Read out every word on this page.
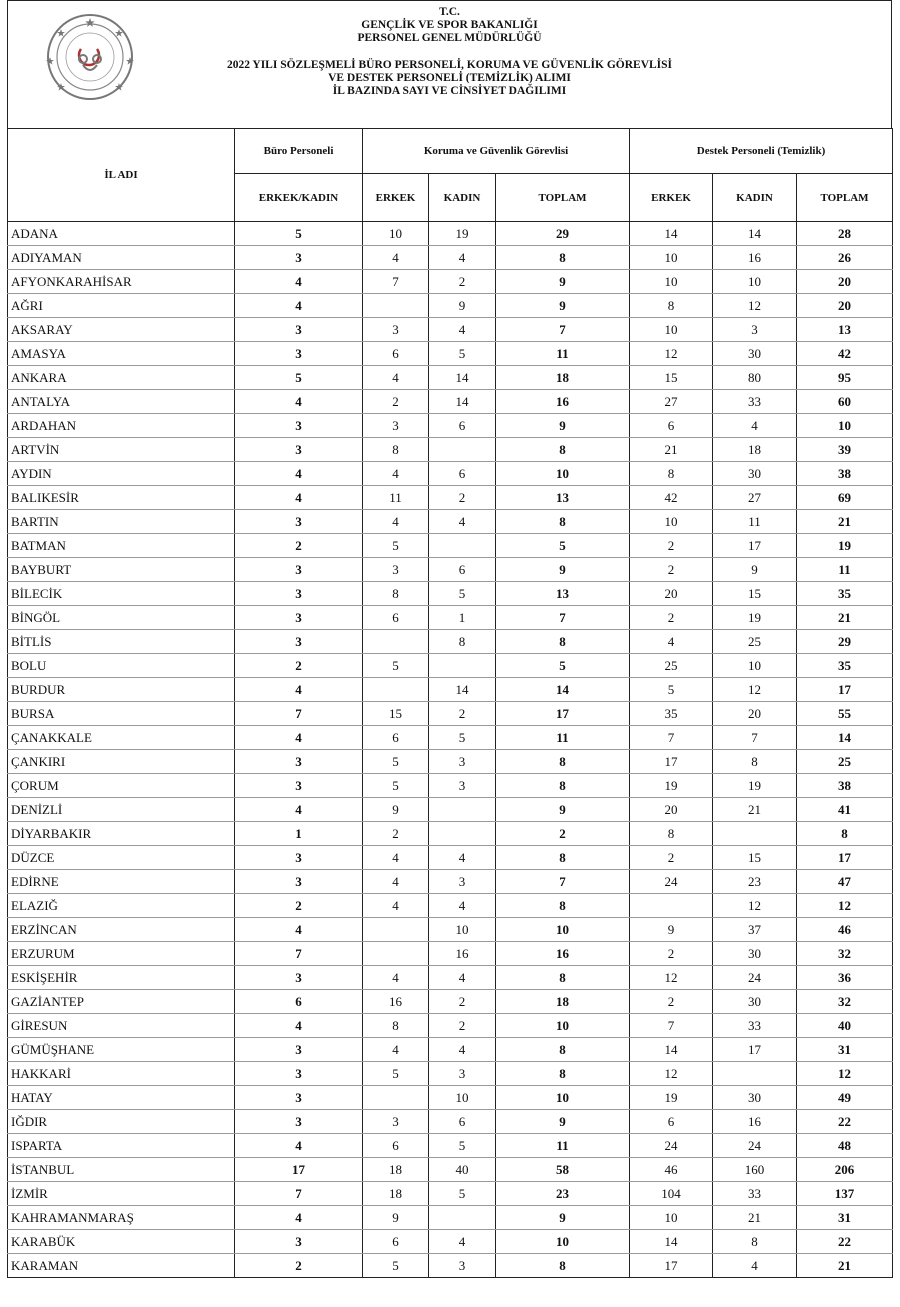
T.C.
GENÇLİK VE SPOR BAKANLIĞI
PERSONEL GENEL MÜDÜRLÜĞÜ
2022 YILI SÖZLEŞMELİ BÜRO PERSONELİ, KORUMA VE GÜVENLİK GÖREVLİSİ
VE DESTEK PERSONELİ (TEMİZLİK) ALIMI
İL BAZINDA SAYI VE CİNSİYET DAĞILIMI
İL ADI	Büro Personeli	Koruma ve Güvenlik Görevlisi			Destek Personeli (Temizlik)		
	ERKEK/KADIN	ERKEK	KADIN	TOPLAM	ERKEK	KADIN	TOPLAM
ADANA	5	10	19	29	14	14	28
ADIYAMAN	3	4	4	8	10	16	26
AFYONKARAHİSAR	4	7	2	9	10	10	20
AĞRI	4		9	9	8	12	20
AKSARAY	3	3	4	7	10	3	13
AMASYA	3	6	5	11	12	30	42
ANKARA	5	4	14	18	15	80	95
ANTALYA	4	2	14	16	27	33	60
ARDAHAN	3	3	6	9	6	4	10
ARTVİN	3	8		8	21	18	39
AYDIN	4	4	6	10	8	30	38
BALIKESİR	4	11	2	13	42	27	69
BARTIN	3	4	4	8	10	11	21
BATMAN	2	5		5	2	17	19
BAYBURT	3	3	6	9	2	9	11
BİLECİK	3	8	5	13	20	15	35
BİNGÖL	3	6	1	7	2	19	21
BİTLİS	3		8	8	4	25	29
BOLU	2	5		5	25	10	35
BURDUR	4		14	14	5	12	17
BURSA	7	15	2	17	35	20	55
ÇANAKKALE	4	6	5	11	7	7	14
ÇANKIRI	3	5	3	8	17	8	25
ÇORUM	3	5	3	8	19	19	38
DENİZLİ	4	9		9	20	21	41
DİYARBAKIR	1	2		2	8		8
DÜZCE	3	4	4	8	2	15	17
EDİRNE	3	4	3	7	24	23	47
ELAZIĞ	2	4	4	8		12	12
ERZİNCAN	4		10	10	9	37	46
ERZURUM	7		16	16	2	30	32
ESKİŞEHİR	3	4	4	8	12	24	36
GAZİANTEP	6	16	2	18	2	30	32
GİRESUN	4	8	2	10	7	33	40
GÜMÜŞHANE	3	4	4	8	14	17	31
HAKKARİ	3	5	3	8	12		12
HATAY	3		10	10	19	30	49
IĞDIR	3	3	6	9	6	16	22
ISPARTA	4	6	5	11	24	24	48
İSTANBUL	17	18	40	58	46	160	206
İZMİR	7	18	5	23	104	33	137
KAHRAMANMARAŞ	4	9		9	10	21	31
KARABÜK	3	6	4	10	14	8	22
KARAMAN	2	5	3	8	17	4	21
